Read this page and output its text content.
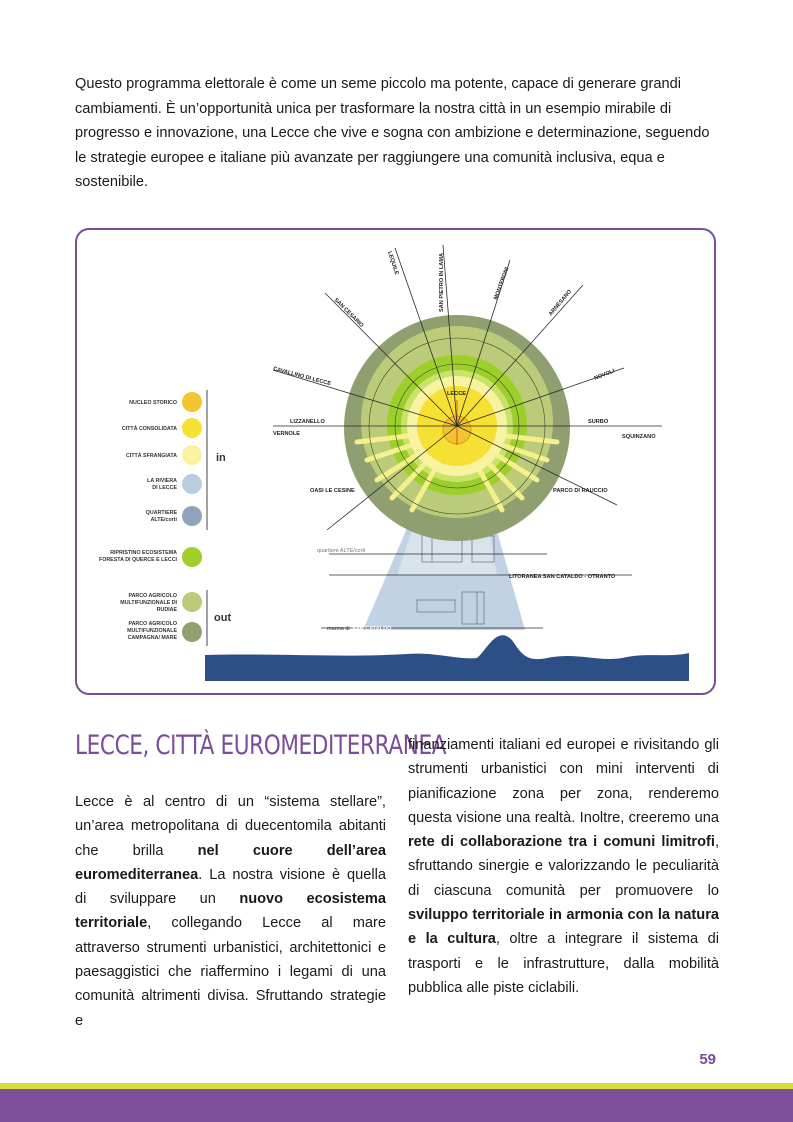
Questo programma elettorale è come un seme piccolo ma potente, capace di generare grandi cambiamenti. È un’opportunità unica per trasformare la nostra città in un esempio mirabile di progresso e innovazione, una Lecce che vive e sogna con ambizione e determinazione, seguendo le strategie europee e italiane più avanzate per raggiungere una comunità inclusiva, equa e sostenibile.

LEQUILE	SAN PIETRO IN LAMA	MONTERONI
ARNESANO
NOVOLI
SURBO
SQUINZANO
SAN CESARIO
CAVALLINO DI LECCE
LIZZANELLO
VERNOLE
OASI LE CESINE	PARCO DI RAUCCIO
LECCE
LITORANEA SAN CATALDO - OTRANTO
quartiere ALTE/corti
marina di SAN CATALDO
NUCLEO STORICO
CITTÀ CONSOLIDATA
CITTÀ SFRANGIATA
LA RIVIERA
DI LECCE
QUARTIERE
ALTE/corti
RIPRISTINO ECOSISTEMA
FORESTA DI QUERCE E LECCI
PARCO AGRICOLO
MULTIFUNZIONALE DI
RUDIAE
PARCO AGRICOLO
MULTIFUNZIONALE
CAMPAGNA/ MARE
in
out
LECCE, CITTÀ EUROMEDITERRANEA

Lecce è al centro di un “sistema stellare”, un’area metropolitana di duecentomila abitanti che brilla nel cuore dell’area euromediterranea. La nostra visione è quella di sviluppare un nuovo ecosistema territoriale, collegando Lecce al mare attraverso strumenti urbanistici, architettonici e paesaggistici che riaffermino i legami di una comunità altrimenti divisa. Sfruttando strategie e

finanziamenti italiani ed europei e rivisitando gli strumenti urbanistici con mini interventi di pianificazione zona per zona, renderemo questa visione una realtà. Inoltre, creeremo una rete di collaborazione tra i comuni limitrofi, sfruttando sinergie e valorizzando le peculiarità di ciascuna comunità per promuovere lo sviluppo territoriale in armonia con la natura e la cultura, oltre a integrare il sistema di trasporti e le infrastrutture, dalla mobilità pubblica alle piste ciclabili.

59
